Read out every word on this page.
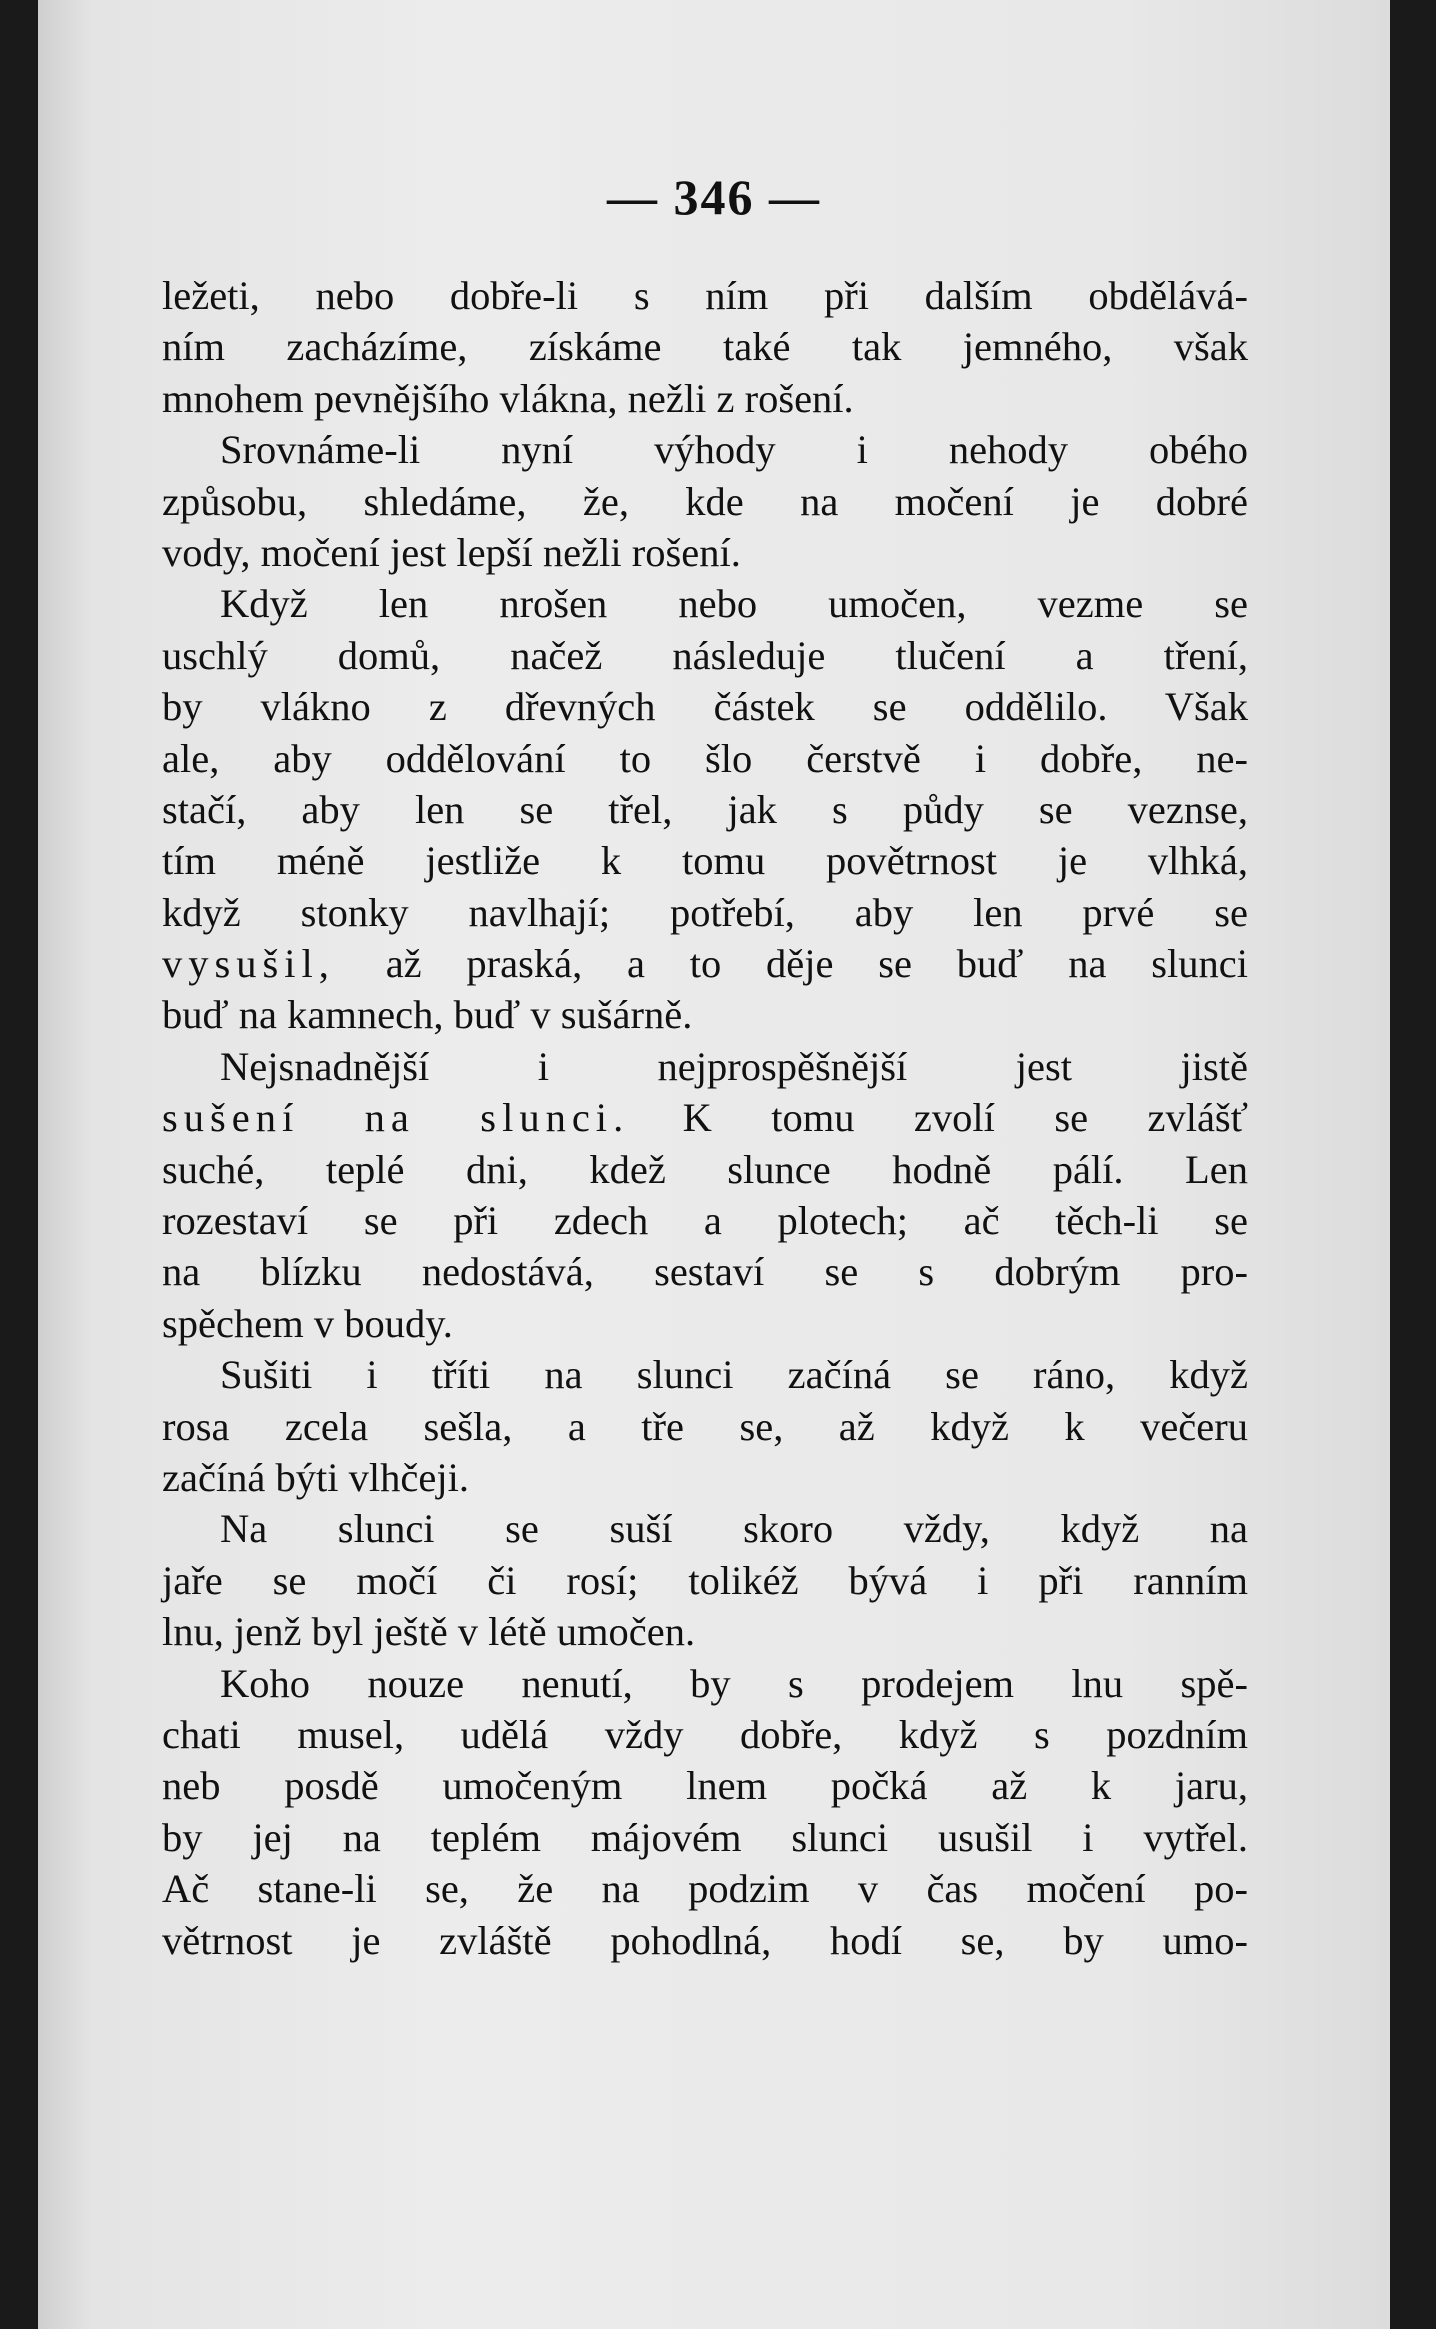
— 346 —
ležeti, nebo dobře-li s ním při dalším obdělává-
ním zacházíme, získáme také tak jemného, však
mnohem pevnějšího vlákna, nežli z rošení.
Srovnáme-li nyní výhody i nehody obého
způsobu, shledáme, že, kde na močení je dobré
vody, močení jest lepší nežli rošení.
Když len nrošen nebo umočen, vezme se
uschlý domů, načež následuje tlučení a tření,
by vlákno z dřevných částek se oddělilo. Však
ale, aby oddělování to šlo čerstvě i dobře, ne-
stačí, aby len se třel, jak s půdy se veznse,
tím méně jestliže k tomu povětrnost je vlhká,
když stonky navlhají; potřebí, aby len prvé se
vysušil, až praská, a to děje se buď na slunci
buď na kamnech, buď v sušárně.
Nejsnadnější i nejprospěšnější jest jistě
sušení na slunci. K tomu zvolí se zvlášť
suché, teplé dni, kdež slunce hodně pálí. Len
rozestaví se při zdech a plotech; ač těch-li se
na blízku nedostává, sestaví se s dobrým pro-
spěchem v boudy.
Sušiti i tříti na slunci začíná se ráno, když
rosa zcela sešla, a tře se, až když k večeru
začíná býti vlhčeji.
Na slunci se suší skoro vždy, když na
jaře se močí či rosí; tolikéž bývá i při ranním
lnu, jenž byl ještě v létě umočen.
Koho nouze nenutí, by s prodejem lnu spě-
chati musel, udělá vždy dobře, když s pozdním
neb posdě umočeným lnem počká až k jaru,
by jej na teplém májovém slunci usušil i vytřel.
Ač stane-li se, že na podzim v čas močení po-
větrnost je zvláště pohodlná, hodí se, by umo-
